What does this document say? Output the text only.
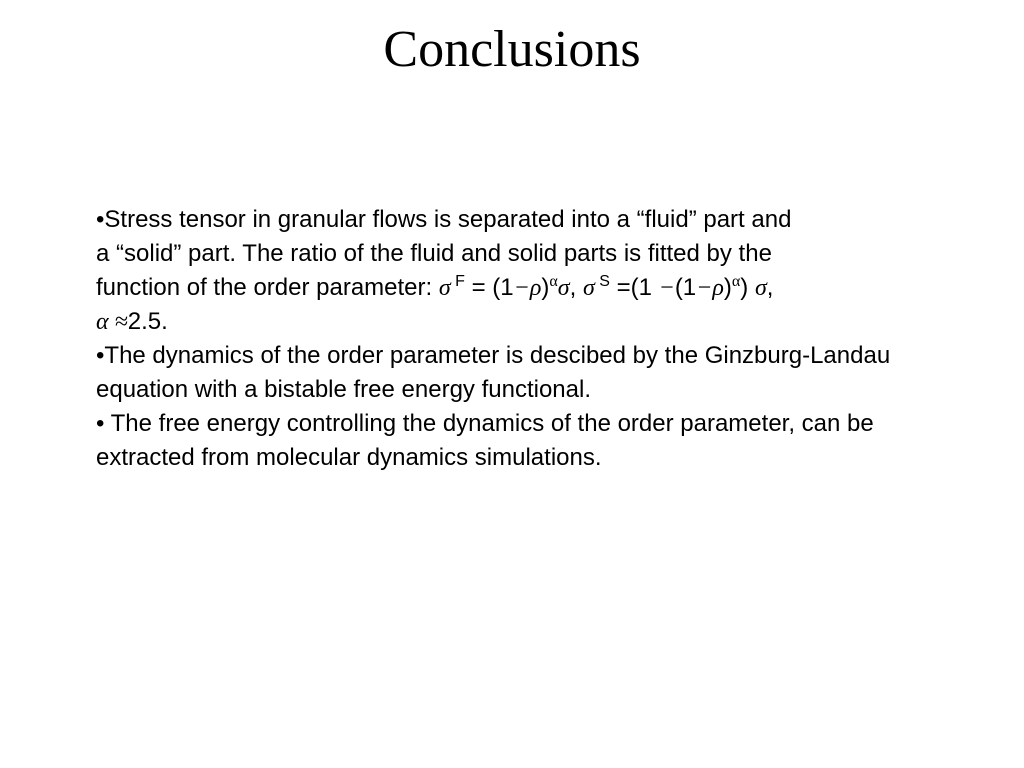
Conclusions

•Stress tensor in granular flows is separated into a “fluid” part and
a “solid” part. The ratio of the fluid and solid parts is fitted by the
function of the order parameter: σ $^F = (1-\rho)^\alpha\sigma$, σ $^S =(1 -(1-\rho)^\alpha)$ σ,
α ≈2.5.

•The dynamics of the order parameter is descibed by the Ginzburg-Landau equation with a bistable free energy functional.

• The free energy controlling the dynamics of the order parameter, can be extracted from molecular dynamics simulations.
